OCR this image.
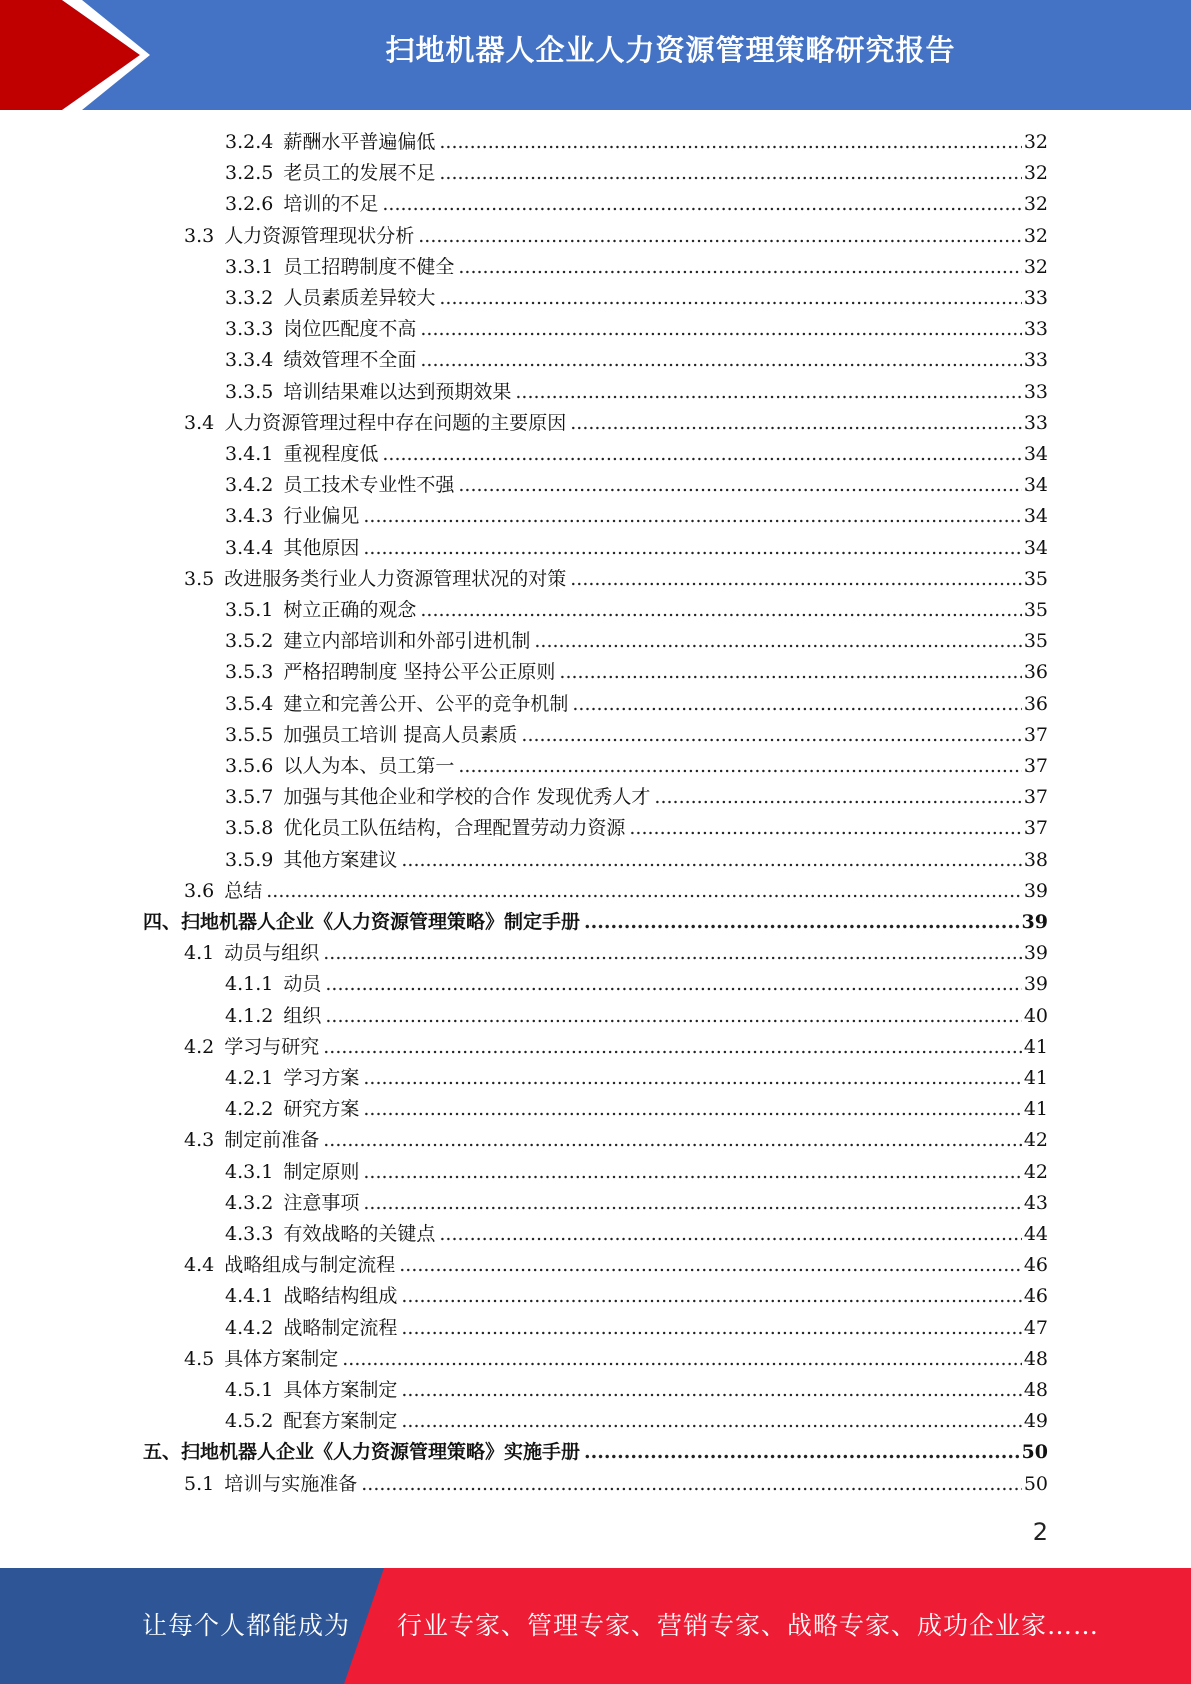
扫地机器人企业人力资源管理策略研究报告
3.2.4 薪酬水平普遍偏低 .....	32
3.2.5 老员工的发展不足 .....	32
3.2.6 培训的不足 .....	32
3.3 人力资源管理现状分析 .....	32
3.3.1 员工招聘制度不健全 .....	32
3.3.2 人员素质差异较大 .....	33
3.3.3 岗位匹配度不高 .....	33
3.3.4 绩效管理不全面 .....	33
3.3.5 培训结果难以达到预期效果 .....	33
3.4 人力资源管理过程中存在问题的主要原因 .....	33
3.4.1 重视程度低 .....	34
3.4.2 员工技术专业性不强 .....	34
3.4.3 行业偏见 .....	34
3.4.4 其他原因 .....	34
3.5 改进服务类行业人力资源管理状况的对策 .....	35
3.5.1 树立正确的观念 .....	35
3.5.2 建立内部培训和外部引进机制 .....	35
3.5.3 严格招聘制度 坚持公平公正原则 .....	36
3.5.4 建立和完善公开、公平的竞争机制 .....	36
3.5.5 加强员工培训 提高人员素质 .....	37
3.5.6 以人为本、员工第一 .....	37
3.5.7 加强与其他企业和学校的合作 发现优秀人才 .....	37
3.5.8 优化员工队伍结构，合理配置劳动力资源 .....	37
3.5.9 其他方案建议 .....	38
3.6 总结 .....	39
四、扫地机器人企业《人力资源管理策略》制定手册 .....	39
4.1 动员与组织 .....	39
4.1.1 动员 .....	39
4.1.2 组织 .....	40
4.2 学习与研究 .....	41
4.2.1 学习方案 .....	41
4.2.2 研究方案 .....	41
4.3 制定前准备 .....	42
4.3.1 制定原则 .....	42
4.3.2 注意事项 .....	43
4.3.3 有效战略的关键点 .....	44
4.4 战略组成与制定流程 .....	46
4.4.1 战略结构组成 .....	46
4.4.2 战略制定流程 .....	47
4.5 具体方案制定 .....	48
4.5.1 具体方案制定 .....	48
4.5.2 配套方案制定 .....	49
五、扫地机器人企业《人力资源管理策略》实施手册 .....	50
5.1 培训与实施准备 .....	50
2
让每个人都能成为 行业专家、管理专家、营销专家、战略专家、成功企业家……
